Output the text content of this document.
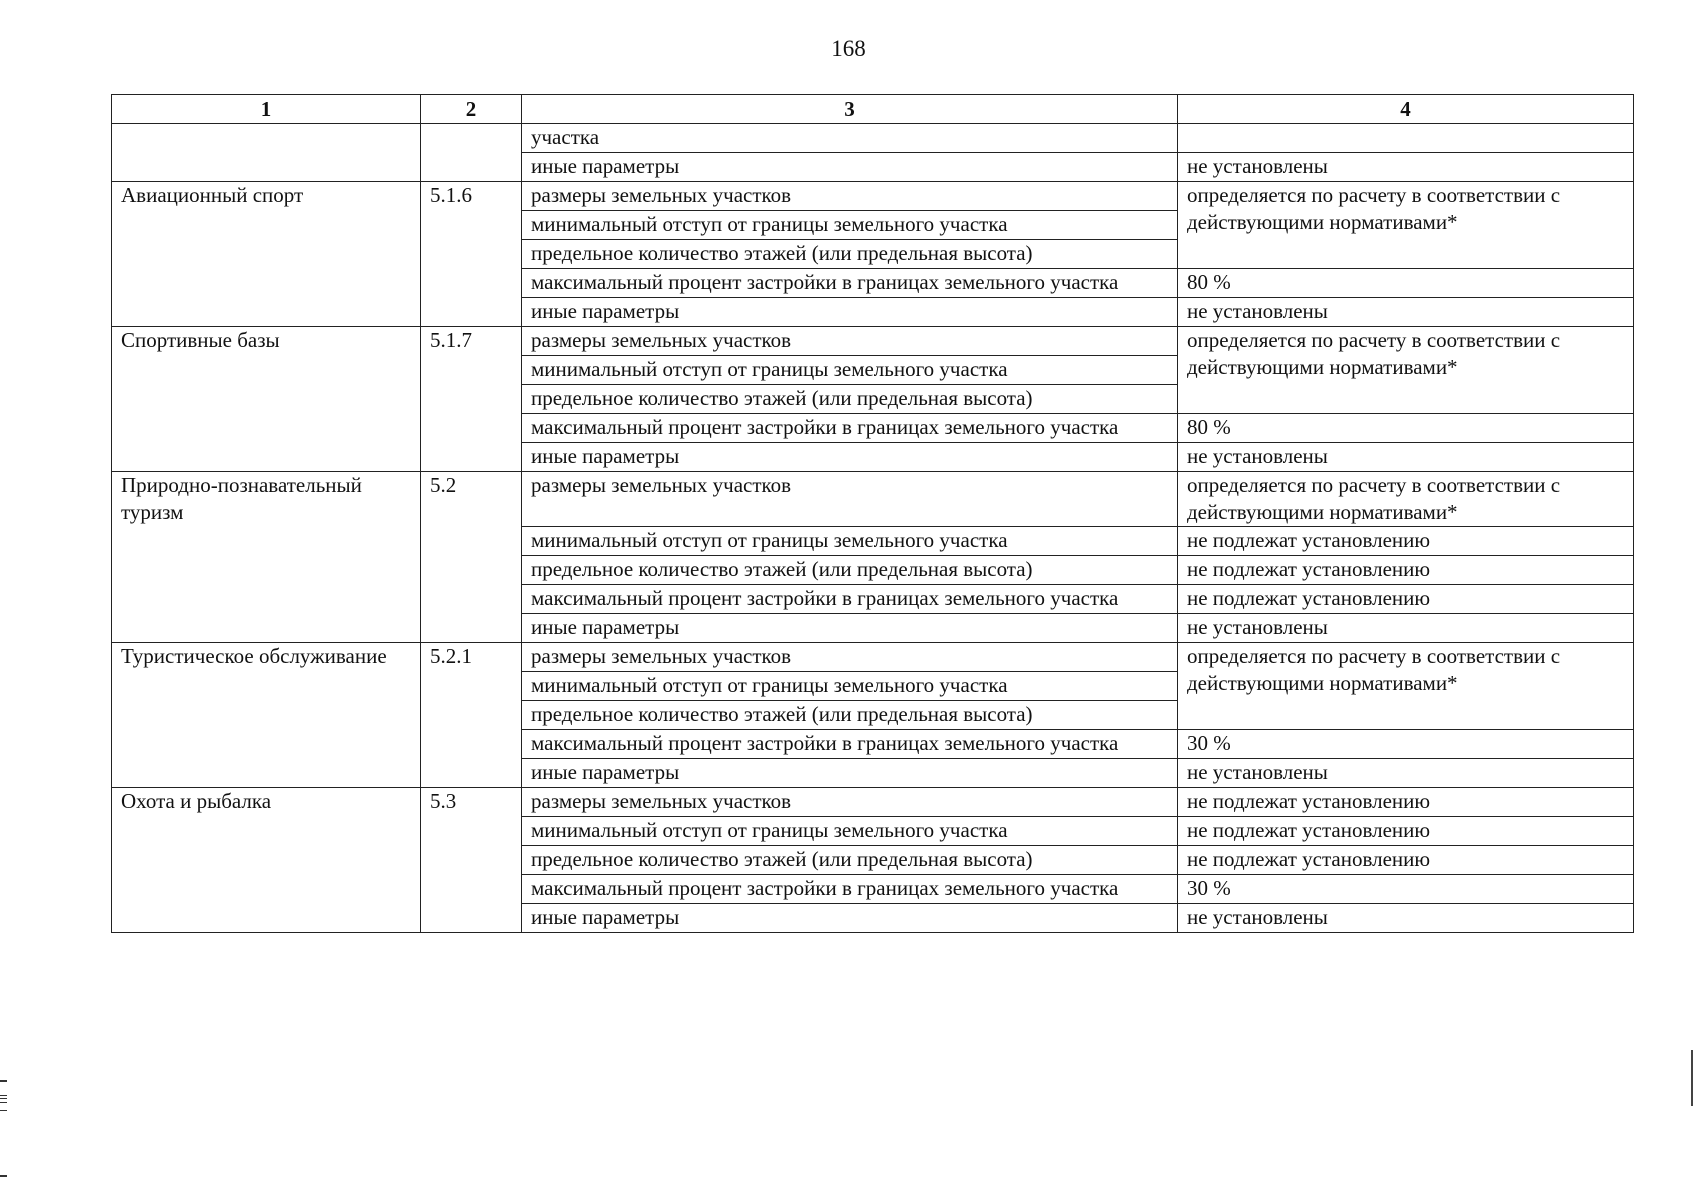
168
1	2	3	4
		участка	
		иные параметры	не установлены
Авиационный спорт	5.1.6	размеры земельных участков	определяется по расчету в соответствии с действующими нормативами*
		минимальный отступ от границы земельного участка	
		предельное количество этажей (или предельная высота)	
		максимальный процент застройки в границах земельного участка	80 %
		иные параметры	не установлены
Спортивные базы	5.1.7	размеры земельных участков	определяется по расчету в соответствии с действующими нормативами*
		минимальный отступ от границы земельного участка	
		предельное количество этажей (или предельная высота)	
		максимальный процент застройки в границах земельного участка	80 %
		иные параметры	не установлены
Природно-познавательный туризм	5.2	размеры земельных участков	определяется по расчету в соответствии с действующими нормативами*
		минимальный отступ от границы земельного участка	не подлежат установлению
		предельное количество этажей (или предельная высота)	не подлежат установлению
		максимальный процент застройки в границах земельного участка	не подлежат установлению
		иные параметры	не установлены
Туристическое обслуживание	5.2.1	размеры земельных участков	определяется по расчету в соответствии с действующими нормативами*
		минимальный отступ от границы земельного участка	
		предельное количество этажей (или предельная высота)	
		максимальный процент застройки в границах земельного участка	30 %
		иные параметры	не установлены
Охота и рыбалка	5.3	размеры земельных участков	не подлежат установлению
		минимальный отступ от границы земельного участка	не подлежат установлению
		предельное количество этажей (или предельная высота)	не подлежат установлению
		максимальный процент застройки в границах земельного участка	30 %
		иные параметры	не установлены
